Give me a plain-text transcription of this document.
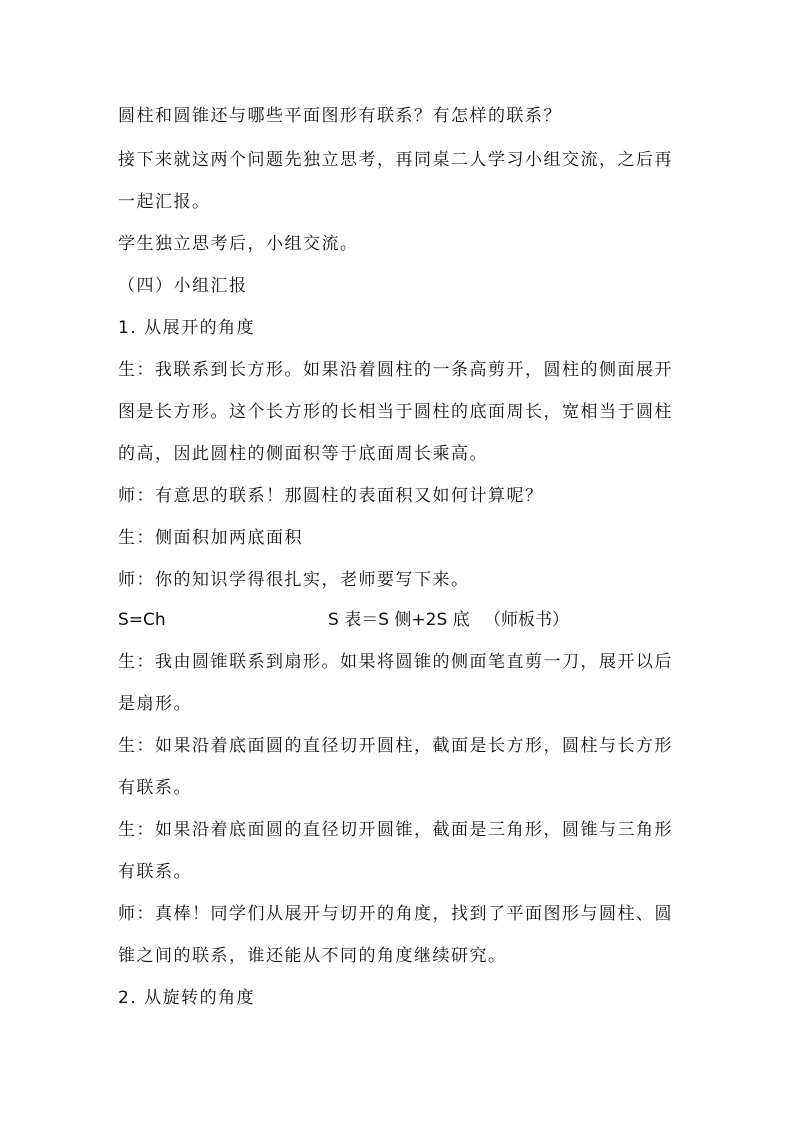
圆柱和圆锥还与哪些平面图形有联系？有怎样的联系？
接下来就这两个问题先独立思考，再同桌二人学习小组交流，之后再
一起汇报。
学生独立思考后，小组交流。
（四）小组汇报
1. 从展开的角度
生：我联系到长方形。如果沿着圆柱的一条高剪开，圆柱的侧面展开
图是长方形。这个长方形的长相当于圆柱的底面周长，宽相当于圆柱
的高，因此圆柱的侧面积等于底面周长乘高。
师：有意思的联系！那圆柱的表面积又如何计算呢？
生：侧面积加两底面积
师：你的知识学得很扎实，老师要写下来。
S=Ch	S 表＝S 侧+2S 底 （师板书）
生：我由圆锥联系到扇形。如果将圆锥的侧面笔直剪一刀，展开以后
是扇形。
生：如果沿着底面圆的直径切开圆柱，截面是长方形，圆柱与长方形
有联系。
生：如果沿着底面圆的直径切开圆锥，截面是三角形，圆锥与三角形
有联系。
师：真棒！同学们从展开与切开的角度，找到了平面图形与圆柱、圆
锥之间的联系，谁还能从不同的角度继续研究。
2. 从旋转的角度
